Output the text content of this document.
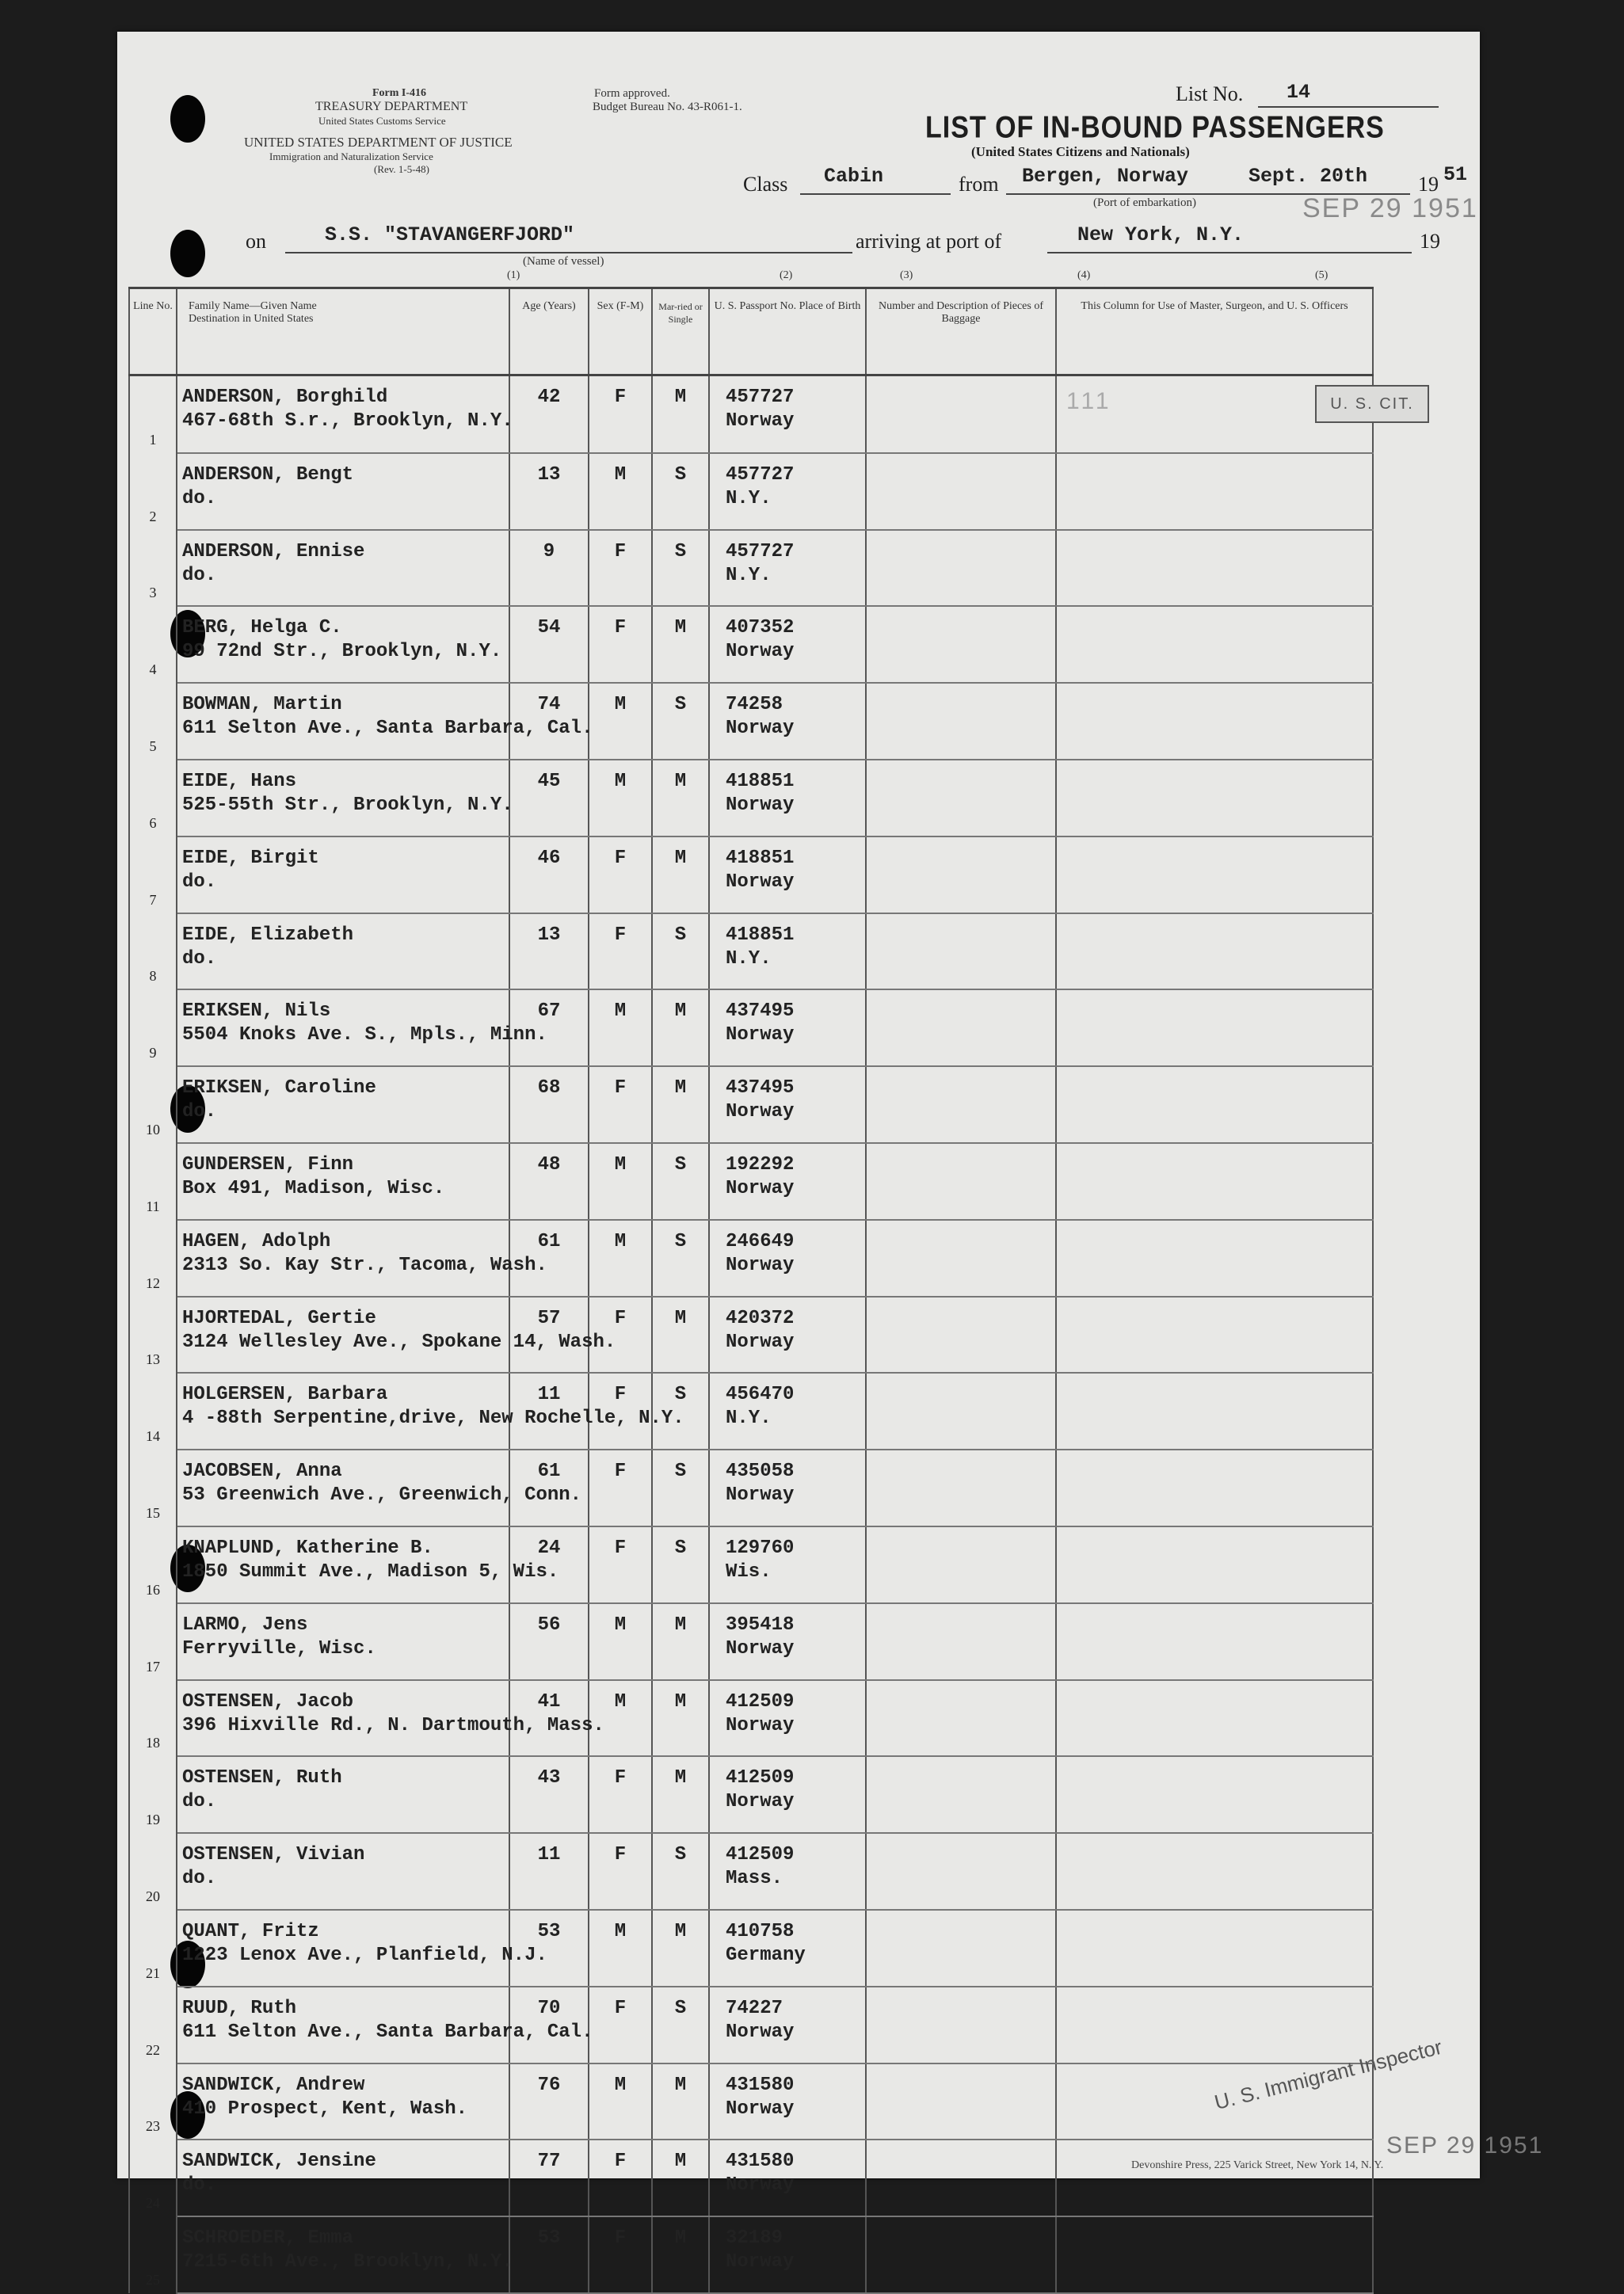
Form I-416
TREASURY DEPARTMENT
United States Customs Service
UNITED STATES DEPARTMENT OF JUSTICE
Immigration and Naturalization Service
(Rev. 1-5-48)
Form approved.
Budget Bureau No. 43-R061-1.
List No. 14
LIST OF IN-BOUND PASSENGERS
(United States Citizens and Nationals)
Class Cabin	from Bergen, Norway	Sept. 20th 19 51
(Port of embarkation)	SEP 29 1951
on	S.S. "STAVANGERFJORD"
(Name of vessel)
arriving at port of	New York, N.Y.	19
(1)	(2)	(3)	(4)	(5)
Line No.	Family Name—Given Name
Destination in United States	Age (Years)	Sex (F-M)	Mar-ried or Single	U. S. Passport No. Place of Birth	Number and Description of Pieces of Baggage	This Column for Use of Master, Surgeon, and U. S. Officers
1	ANDERSON, Borghild
467-68th S.r., Brooklyn, N.Y.	42	F	M	457727
Norway		

2	ANDERSON, Bengt
do.	13	M	S	457727
N.Y.		

3	ANDERSON, Ennise
do.	9	F	S	457727
N.Y.		

4	BERG, Helga C.
99 72nd Str., Brooklyn, N.Y.	54	F	M	407352
Norway		

5	BOWMAN, Martin
611 Selton Ave., Santa Barbara, Cal.	74	M	S	74258
Norway		

6	EIDE, Hans
525-55th Str., Brooklyn, N.Y.	45	M	M	418851
Norway		

7	EIDE, Birgit
do.	46	F	M	418851
Norway		

8	EIDE, Elizabeth
do.	13	F	S	418851
N.Y.		

9	ERIKSEN, Nils
5504 Knoks Ave. S., Mpls., Minn.	67	M	M	437495
Norway		

10	ERIKSEN, Caroline
do.	68	F	M	437495
Norway		

11	GUNDERSEN, Finn
Box 491, Madison, Wisc.	48	M	S	192292
Norway		

12	HAGEN, Adolph
2313 So. Kay Str., Tacoma, Wash.	61	M	S	246649
Norway		

13	HJORTEDAL, Gertie
3124 Wellesley Ave., Spokane 14, Wash.	57	F	M	420372
Norway		

14	HOLGERSEN, Barbara
4 -88th Serpentine,drive, New Rochelle, N.Y.	11	F	S	456470
N.Y.		

15	JACOBSEN, Anna
53 Greenwich Ave., Greenwich, Conn.	61	F	S	435058
Norway		

16	KNAPLUND, Katherine B.
1850 Summit Ave., Madison 5, Wis.	24	F	S	129760
Wis.		

17	LARMO, Jens
Ferryville, Wisc.	56	M	M	395418
Norway		

18	OSTENSEN, Jacob
396 Hixville Rd., N. Dartmouth, Mass.	41	M	M	412509
Norway		

19	OSTENSEN, Ruth
do.	43	F	M	412509
Norway		

20	OSTENSEN, Vivian
do.	11	F	S	412509
Mass.		

21	QUANT, Fritz
1223 Lenox Ave., Planfield, N.J.	53	M	M	410758
Germany		

22	RUUD, Ruth
611 Selton Ave., Santa Barbara, Cal.	70	F	S	74227
Norway		

23	SANDWICK, Andrew
410 Prospect, Kent, Wash.	76	M	M	431580
Norway		

24	SANDWICK, Jensine
do.	77	F	M	431580
Norway		

25	SCHROEDER, Emma
7215-6th Ave., Brooklyn, N.Y.	53	F	M	32189
Norway		

111	U. S. CIT.
U. S. Immigrant Inspector
SEP 29 1951
Devonshire Press, 225 Varick Street, New York 14, N. Y.
